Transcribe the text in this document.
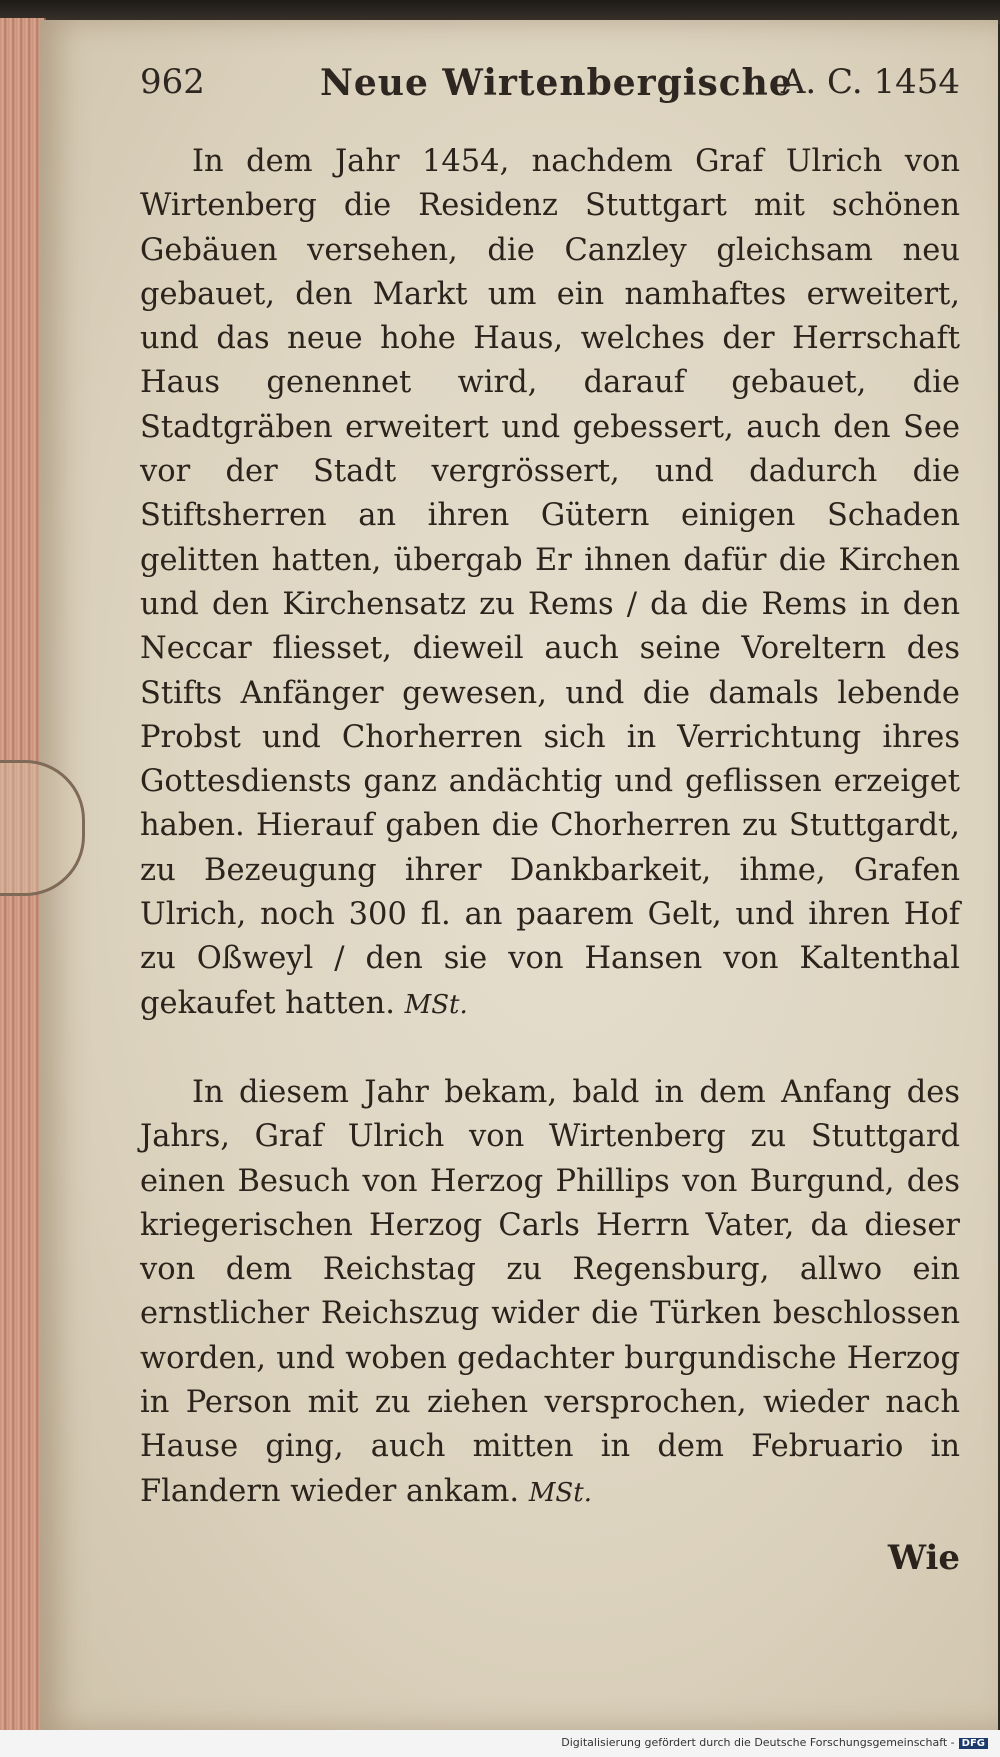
962	Neue Wirtenbergische
A. C. 1454

In dem Jahr 1454, nachdem Graf Ulrich von Wirtenberg die Residenz Stuttgart mit schönen Gebäuen versehen, die Canzley gleichsam neu gebauet, den Markt um ein namhaftes erweitert, und das neue hohe Haus, welches der Herrschaft Haus genennet wird, darauf gebauet, die Stadtgräben erweitert und gebessert, auch den See vor der Stadt vergrössert, und dadurch die Stiftsherren an ihren Gütern einigen Schaden gelitten hatten, übergab Er ihnen dafür die Kirchen und den Kirchensatz zu Rems / da die Rems in den Neccar fliesset, dieweil auch seine Voreltern des Stifts Anfänger gewesen, und die damals lebende Probst und Chorherren sich in Verrichtung ihres Gottesdiensts ganz andächtig und geflissen erzeiget haben. Hierauf gaben die Chorherren zu Stuttgardt, zu Bezeugung ihrer Dankbarkeit, ihme, Grafen Ulrich, noch 300 fl. an paarem Gelt, und ihren Hof zu Oßweyl / den sie von Hansen von Kaltenthal gekaufet hatten. MSt.

In diesem Jahr bekam, bald in dem Anfang des Jahrs, Graf Ulrich von Wirtenberg zu Stuttgard einen Besuch von Herzog Phillips von Burgund, des kriegerischen Herzog Carls Herrn Vater, da dieser von dem Reichstag zu Regensburg, allwo ein ernstlicher Reichszug wider die Türken beschlossen worden, und woben gedachter burgundische Herzog in Person mit zu ziehen versprochen, wieder nach Hause ging, auch mitten in dem Februario in Flandern wieder ankam. MSt.

Wie
Digitalisierung gefördert durch die Deutsche Forschungsgemeinschaft - DFG
